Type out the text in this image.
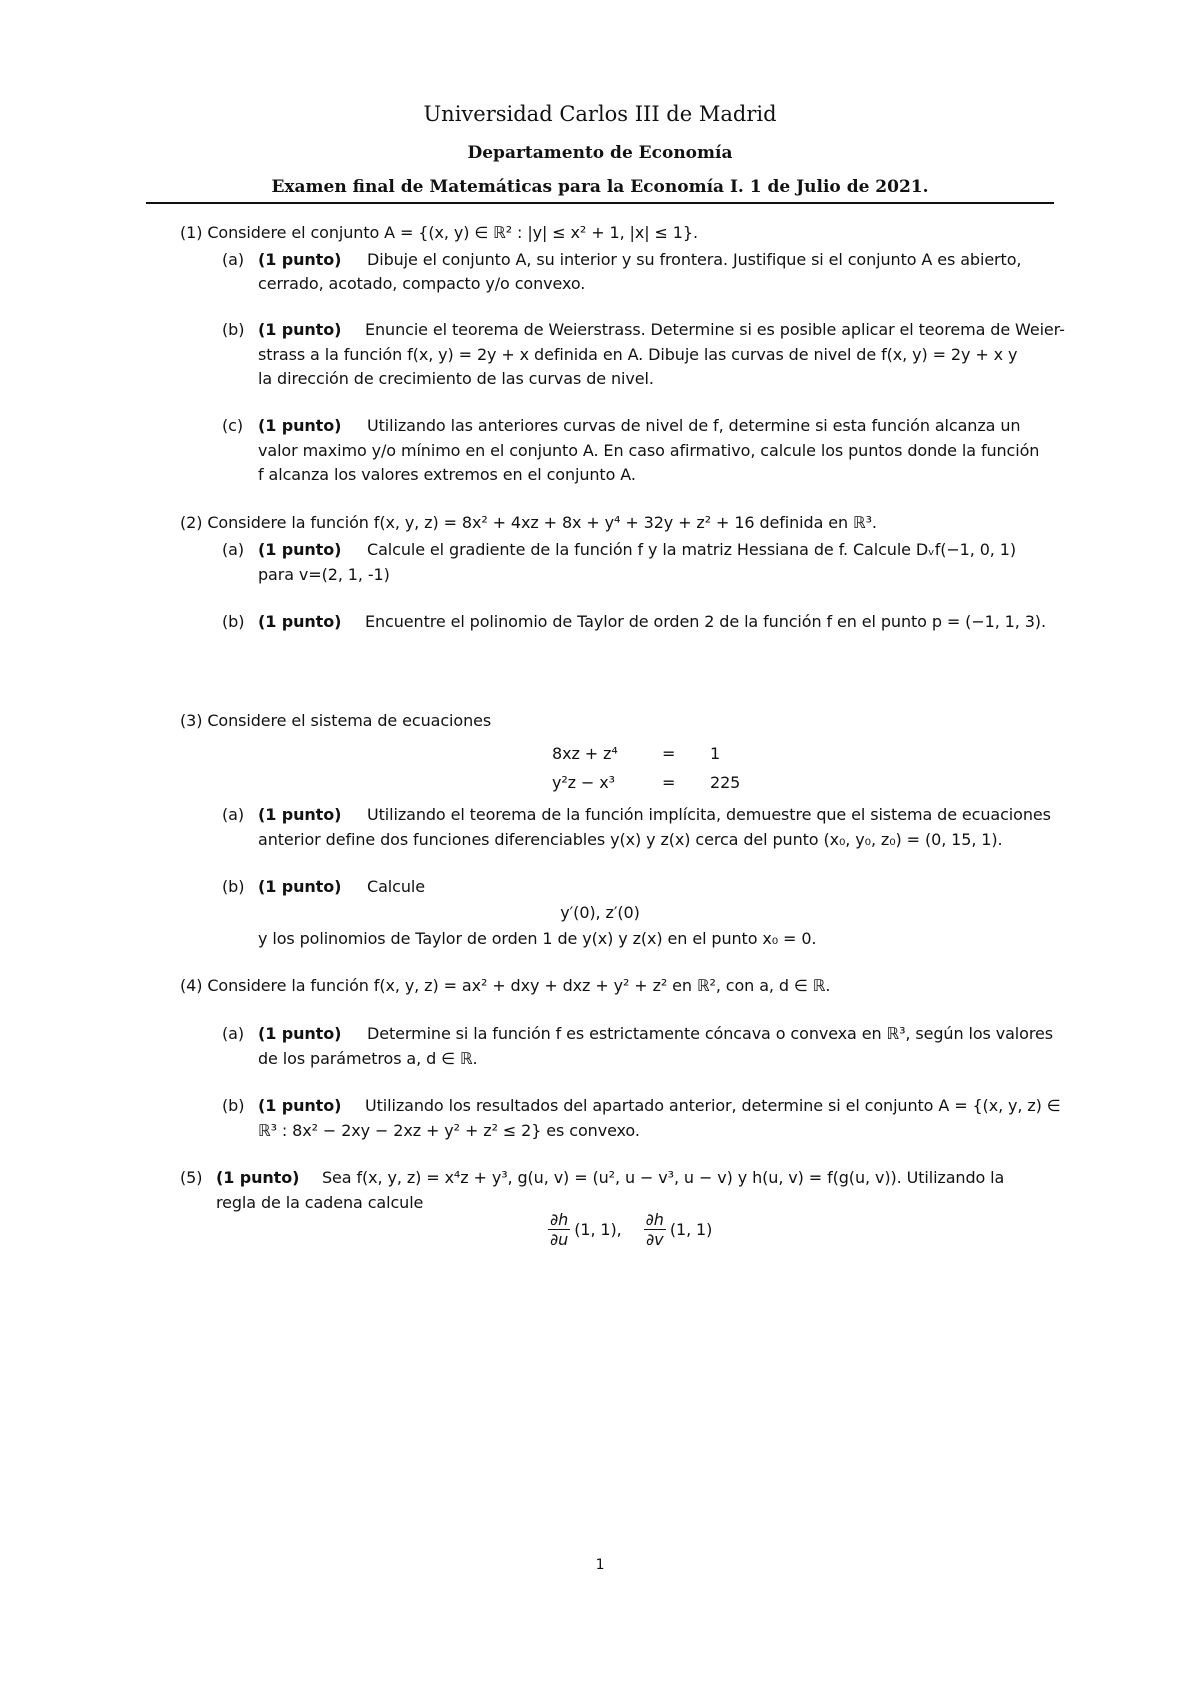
Universidad Carlos III de Madrid
Departamento de Economía
Examen final de Matemáticas para la Economía I. 1 de Julio de 2021.
(1) Considere el conjunto A = {(x, y) ∈ ℝ² : |y| ≤ x² + 1, |x| ≤ 1}.
(a) (1 punto) Dibuje el conjunto A, su interior y su frontera. Justifique si el conjunto A es abierto,
cerrado, acotado, compacto y/o convexo.
(b) (1 punto) Enuncie el teorema de Weierstrass. Determine si es posible aplicar el teorema de Weier-
strass a la función f(x, y) = 2y + x definida en A. Dibuje las curvas de nivel de f(x, y) = 2y + x y
la dirección de crecimiento de las curvas de nivel.
(c) (1 punto) Utilizando las anteriores curvas de nivel de f, determine si esta función alcanza un
valor maximo y/o mínimo en el conjunto A. En caso afirmativo, calcule los puntos donde la función
f alcanza los valores extremos en el conjunto A.
(2) Considere la función f(x, y, z) = 8x² + 4xz + 8x + y⁴ + 32y + z² + 16 definida en ℝ³.
(a) (1 punto) Calcule el gradiente de la función f y la matriz Hessiana de f. Calcule Dᵥf(−1, 0, 1)
para v=(2, 1, -1)
(b) (1 punto) Encuentre el polinomio de Taylor de orden 2 de la función f en el punto p = (−1, 1, 3).
(3) Considere el sistema de ecuaciones
8xz + z⁴	=	1
y²z − x³	=	225
(a) (1 punto) Utilizando el teorema de la función implícita, demuestre que el sistema de ecuaciones
anterior define dos funciones diferenciables y(x) y z(x) cerca del punto (x₀, y₀, z₀) = (0, 15, 1).
(b) (1 punto) Calcule
y′(0), z′(0)
y los polinomios de Taylor de orden 1 de y(x) y z(x) en el punto x₀ = 0.
(4) Considere la función f(x, y, z) = ax² + dxy + dxz + y² + z² en ℝ², con a, d ∈ ℝ.
(a) (1 punto) Determine si la función f es estrictamente cóncava o convexa en ℝ³, según los valores
de los parámetros a, d ∈ ℝ.
(b) (1 punto) Utilizando los resultados del apartado anterior, determine si el conjunto A = {(x, y, z) ∈
ℝ³ : 8x² − 2xy − 2xz + y² + z² ≤ 2} es convexo.
(5) (1 punto) Sea f(x, y, z) = x⁴z + y³, g(u, v) = (u², u − v³, u − v) y h(u, v) = f(g(u, v)). Utilizando la
regla de la cadena calcule
$\frac{\partial h}{\partial u} (1$, 1), $\frac{\partial h}{\partial v} (1$, 1)
1
